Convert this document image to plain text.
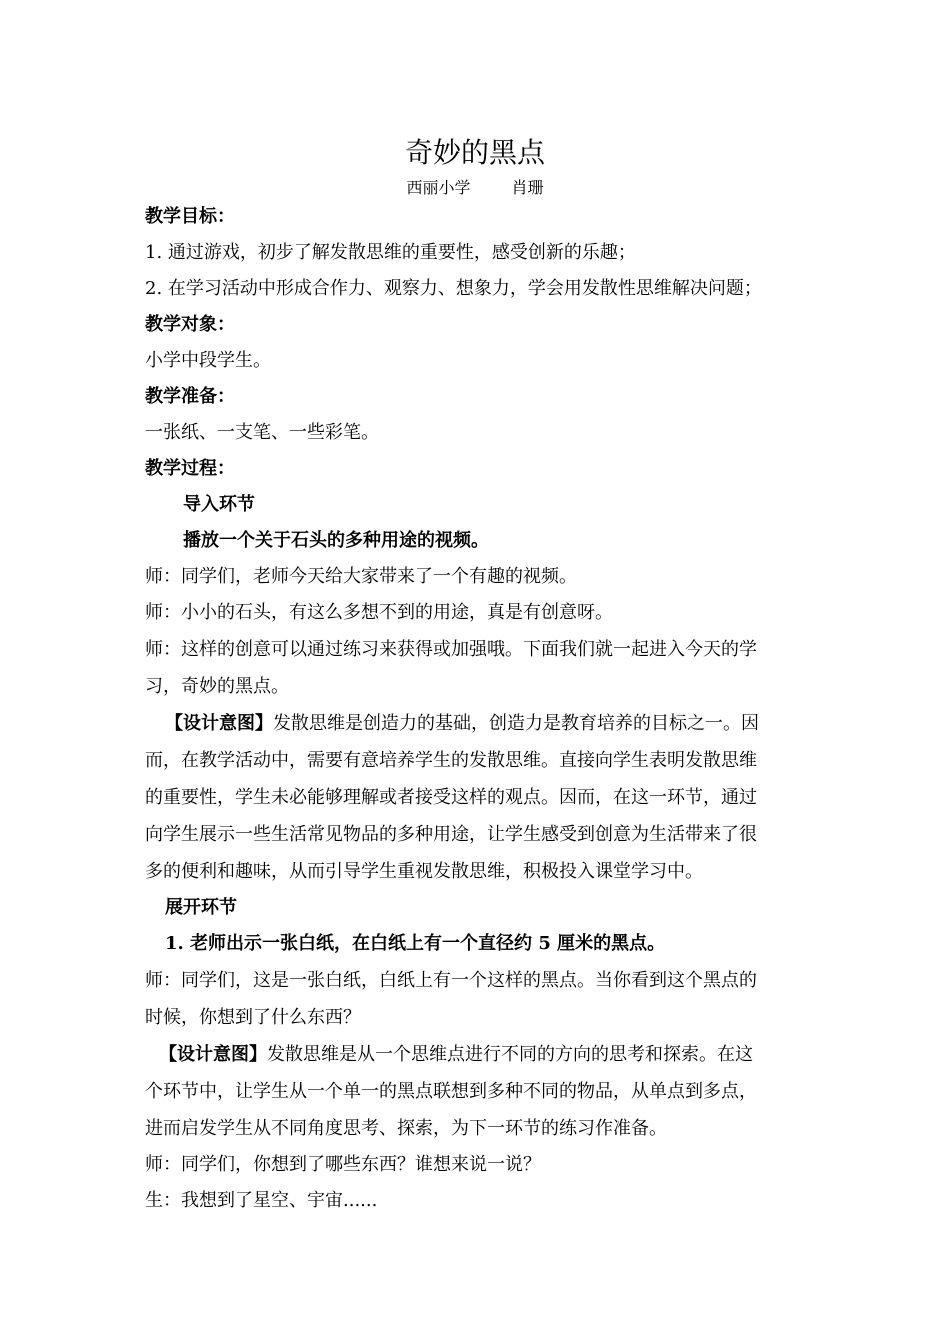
奇妙的黑点
西丽小学　 肖珊

教学目标：

1. 通过游戏，初步了解发散思维的重要性，感受创新的乐趣；

2. 在学习活动中形成合作力、观察力、想象力，学会用发散性思维解决问题；

教学对象：

小学中段学生。

教学准备：

一张纸、一支笔、一些彩笔。

教学过程：

导入环节

播放一个关于石头的多种用途的视频。

师：同学们，老师今天给大家带来了一个有趣的视频。

师：小小的石头，有这么多想不到的用途，真是有创意呀。

师：这样的创意可以通过练习来获得或加强哦。下面我们就一起进入今天的学

习，奇妙的黑点。

【设计意图】发散思维是创造力的基础，创造力是教育培养的目标之一。因

而，在教学活动中，需要有意培养学生的发散思维。直接向学生表明发散思维

的重要性，学生未必能够理解或者接受这样的观点。因而，在这一环节，通过

向学生展示一些生活常见物品的多种用途，让学生感受到创意为生活带来了很

多的便利和趣味，从而引导学生重视发散思维，积极投入课堂学习中。

展开环节

1. 老师出示一张白纸，在白纸上有一个直径约 5 厘米的黑点。

师：同学们，这是一张白纸，白纸上有一个这样的黑点。当你看到这个黑点的

时候，你想到了什么东西？

【设计意图】发散思维是从一个思维点进行不同的方向的思考和探索。在这

个环节中，让学生从一个单一的黑点联想到多种不同的物品，从单点到多点，

进而启发学生从不同角度思考、探索，为下一环节的练习作准备。

师：同学们，你想到了哪些东西？谁想来说一说？

生：我想到了星空、宇宙......
